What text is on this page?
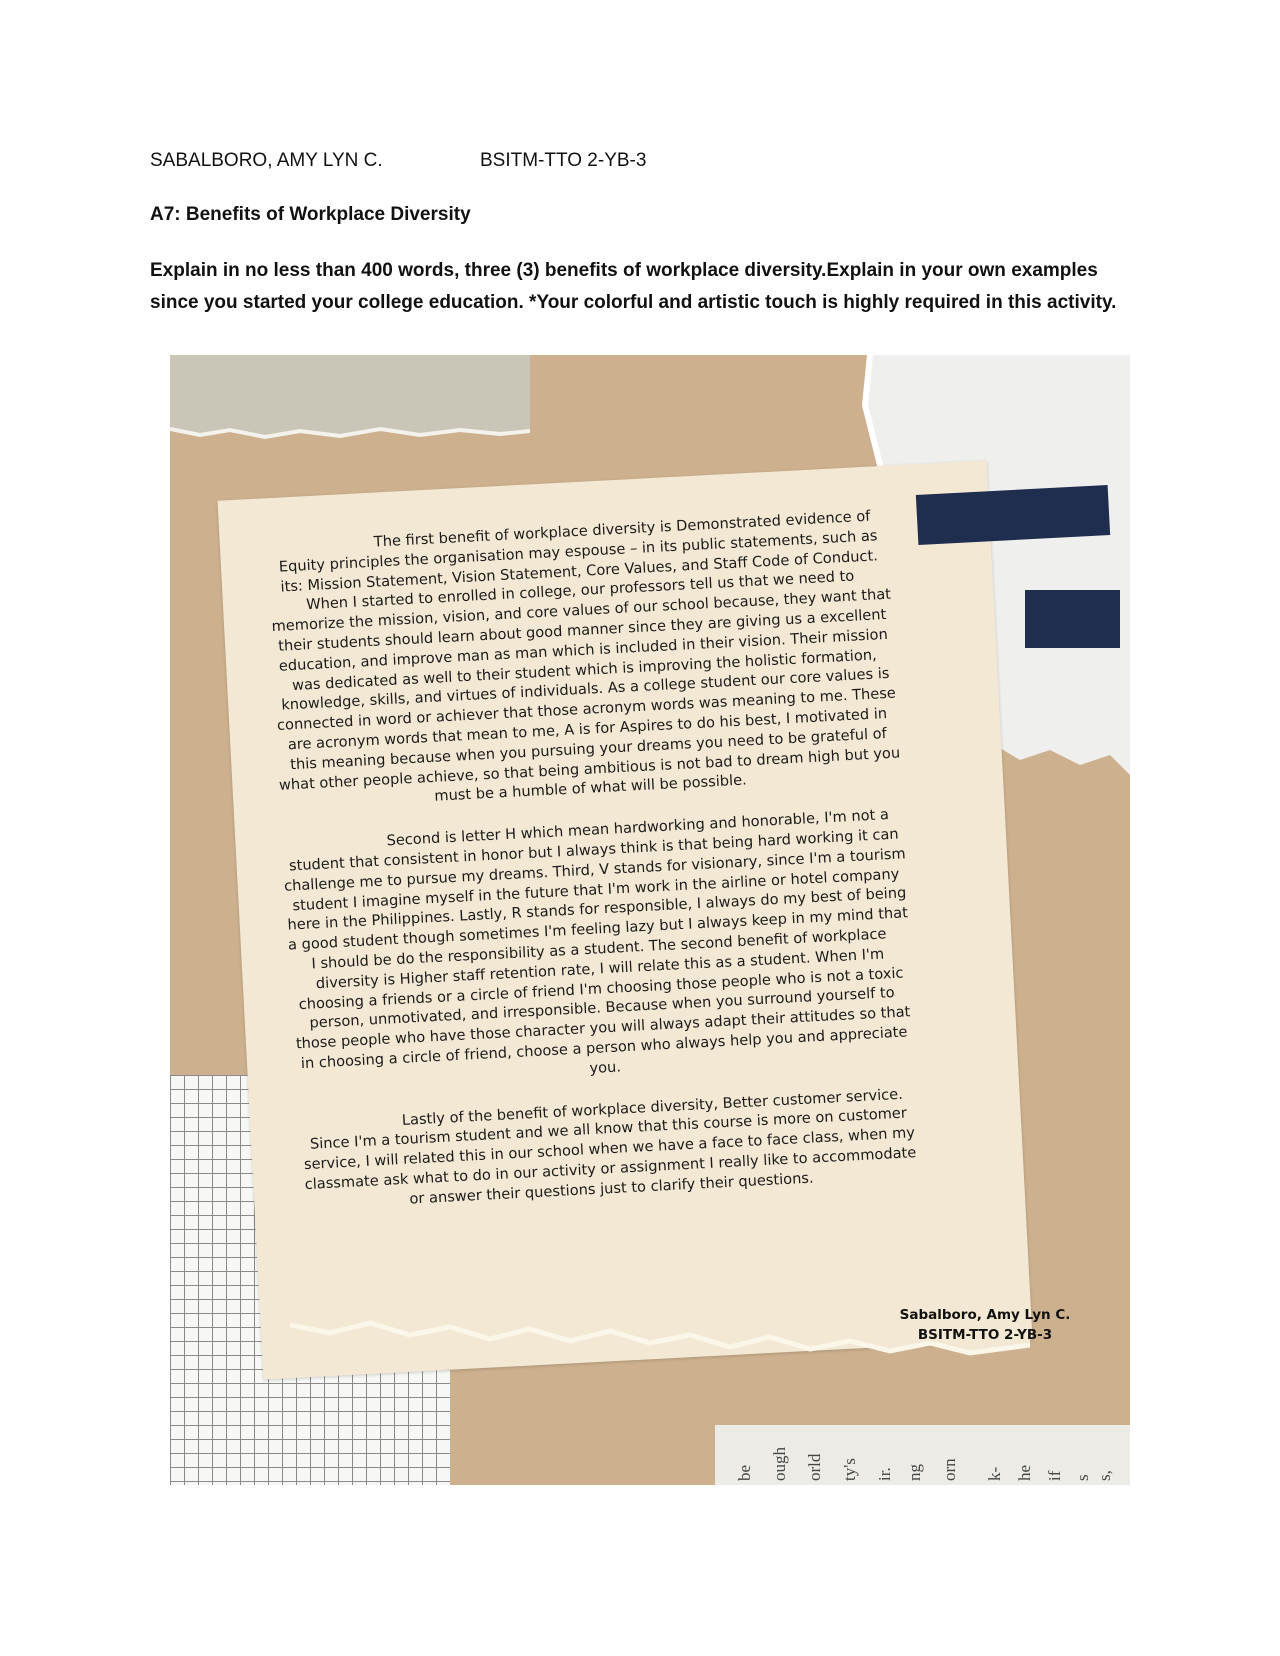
SABALBORO, AMY LYN C.	BSITM-TTO 2-YB-3
A7: Benefits of Workplace Diversity
Explain in no less than 400 words, three (3) benefits of workplace diversity.Explain in your own examples since you started your college education. *Your colorful and artistic touch is highly required in this activity.
be ough orld ty's ir. ng orn k- he if s s,

The first benefit of workplace diversity is Demonstrated evidence of Equity principles the organisation may espouse – in its public statements, such as its: Mission Statement, Vision Statement, Core Values, and Staff Code of Conduct. When I started to enrolled in college, our professors tell us that we need to memorize the mission, vision, and core values of our school because, they want that their students should learn about good manner since they are giving us a excellent education, and improve man as man which is included in their vision. Their mission was dedicated as well to their student which is improving the holistic formation, knowledge, skills, and virtues of individuals. As a college student our core values is connected in word or achiever that those acronym words was meaning to me. These are acronym words that mean to me, A is for Aspires to do his best, I motivated in this meaning because when you pursuing your dreams you need to be grateful of what other people achieve, so that being ambitious is not bad to dream high but you must be a humble of what will be possible.

Second is letter H which mean hardworking and honorable, I'm not a student that consistent in honor but I always think is that being hard working it can challenge me to pursue my dreams. Third, V stands for visionary, since I'm a tourism student I imagine myself in the future that I'm work in the airline or hotel company here in the Philippines. Lastly, R stands for responsible, I always do my best of being a good student though sometimes I'm feeling lazy but I always keep in my mind that I should be do the responsibility as a student. The second benefit of workplace diversity is Higher staff retention rate, I will relate this as a student. When I'm choosing a friends or a circle of friend I'm choosing those people who is not a toxic person, unmotivated, and irresponsible. Because when you surround yourself to those people who have those character you will always adapt their attitudes so that in choosing a circle of friend, choose a person who always help you and appreciate you.

Lastly of the benefit of workplace diversity, Better customer service. Since I'm a tourism student and we all know that this course is more on customer service, I will related this in our school when we have a face to face class, when my classmate ask what to do in our activity or assignment I really like to accommodate or answer their questions just to clarify their questions.

Sabalboro, Amy Lyn C.
BSITM-TTO 2-YB-3
